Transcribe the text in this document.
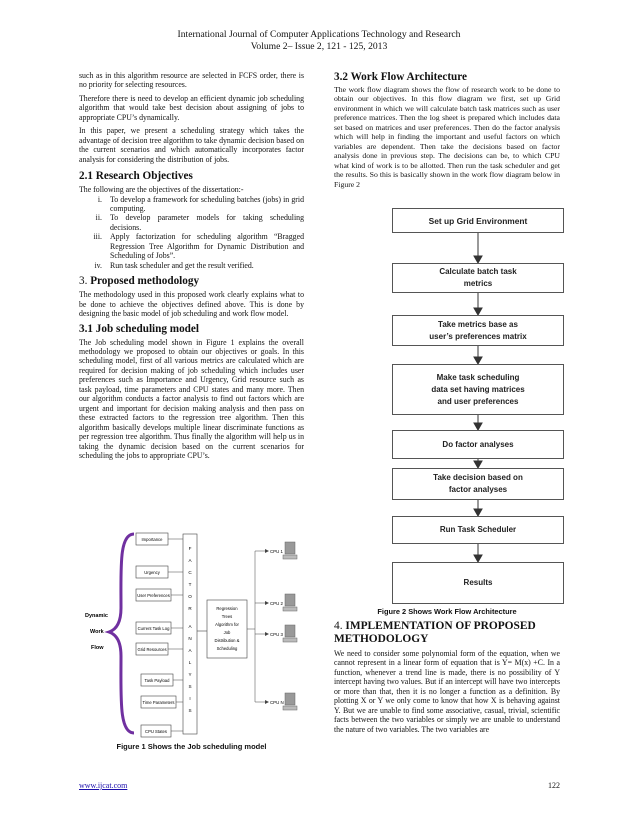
International Journal of Computer Applications Technology and Research
Volume 2– Issue 2, 121 - 125, 2013

such as in this algorithm resource are selected in FCFS order, there is no priority for selecting resources.

Therefore there is need to develop an efficient dynamic job scheduling algorithm that would take best decision about assigning of jobs to appropriate CPU’s dynamically.

In this paper, we present a scheduling strategy which takes the advantage of decision tree algorithm to take dynamic decision based on the current scenarios and which automatically incorporates factor analysis for considering the distribution of jobs.

2.1 Research Objectives
The following are the objectives of the dissertation:-
i.	To develop a framework for scheduling batches (jobs) in grid computing.
ii.	To develop parameter models for taking scheduling decisions.
iii.	Apply factorization for scheduling algorithm “Bragged Regression Tree Algorithm for Dynamic Distribution and Scheduling of Jobs”.
iv.	Run task scheduler and get the result verified.
3. Proposed methodology

The methodology used in this proposed work clearly explains what to be done to achieve the objectives defined above. This is done by designing the basic model of job scheduling and work flow model.

3.1 Job scheduling model

The Job scheduling model shown in Figure 1 explains the overall methodology we proposed to obtain our objectives or goals. In this scheduling model, first of all various metrics are calculated which are required for decision making of job scheduling which includes user preferences such as Importance and Urgency, Grid resource such as task payload, time parameters and CPU states and many more. Then our algorithm conducts a factor analysis to find out factors which are urgent and important for decision making analysis and then pass on these extracted factors to the regression tree algorithm. Then this algorithm basically develops multiple linear discriminate functions as per regression tree algorithm. Thus finally the algorithm will help us in taking the dynamic decision based on the current scenarios for scheduling the jobs to appropriate CPU’s.

Dynamic
Work
Flow
Importance
Urgency
User Preferences
Current Task Log
Grid Resources
Task Payload
Time Parameters
CPU States
F
A
C
T
O
R
A
N
A
L
Y
S
I
S
Regression
Trees
Algorithm for
Job
Distribution &
Scheduling
CPU 1
CPU 2
CPU 3
CPU N
Figure 1 Shows the Job scheduling model
3.2 Work Flow Architecture

The work flow diagram shows the flow of research work to be done to obtain our objectives. In this flow diagram we first, set up Grid environment in which we will calculate batch task matrices such as user preference matrices. Then the log sheet is prepared which includes data set based on matrices and user preferences. Then do the factor analysis which will help in finding the important and useful factors on which variables are dependent. Then take the decisions based on factor analysis done in previous step. The decisions can be, to which CPU what kind of work is to be allotted. Then run the task scheduler and get the results. So this is basically shown in the work flow diagram below in Figure 2

Set up Grid Environment
Calculate batch task
metrics
Take metrics base as
user’s preferences matrix
Make task scheduling
data set having matrices
and user preferences
Do factor analyses
Take decision based on
factor analyses
Run Task Scheduler
Results
Figure 2 Shows Work Flow Architecture
4. IMPLEMENTATION OF PROPOSED METHODOLOGY

We need to consider some polynomial form of the equation, when we cannot represent in a linear form of equation that is Y= M(x) +C. In a function, whenever a trend line is made, there is no possibility of Y intercept having two values. But if an intercept will have two intercepts or more than that, then it is no longer a function as a definition. By plotting X or Y we only come to know that how X is behaving against Y. But we are unable to find some associative, casual, trivial, scientific facts between the two variables or simply we are unable to understand the nature of two variables. The two variables are

www.ijcat.com	122
